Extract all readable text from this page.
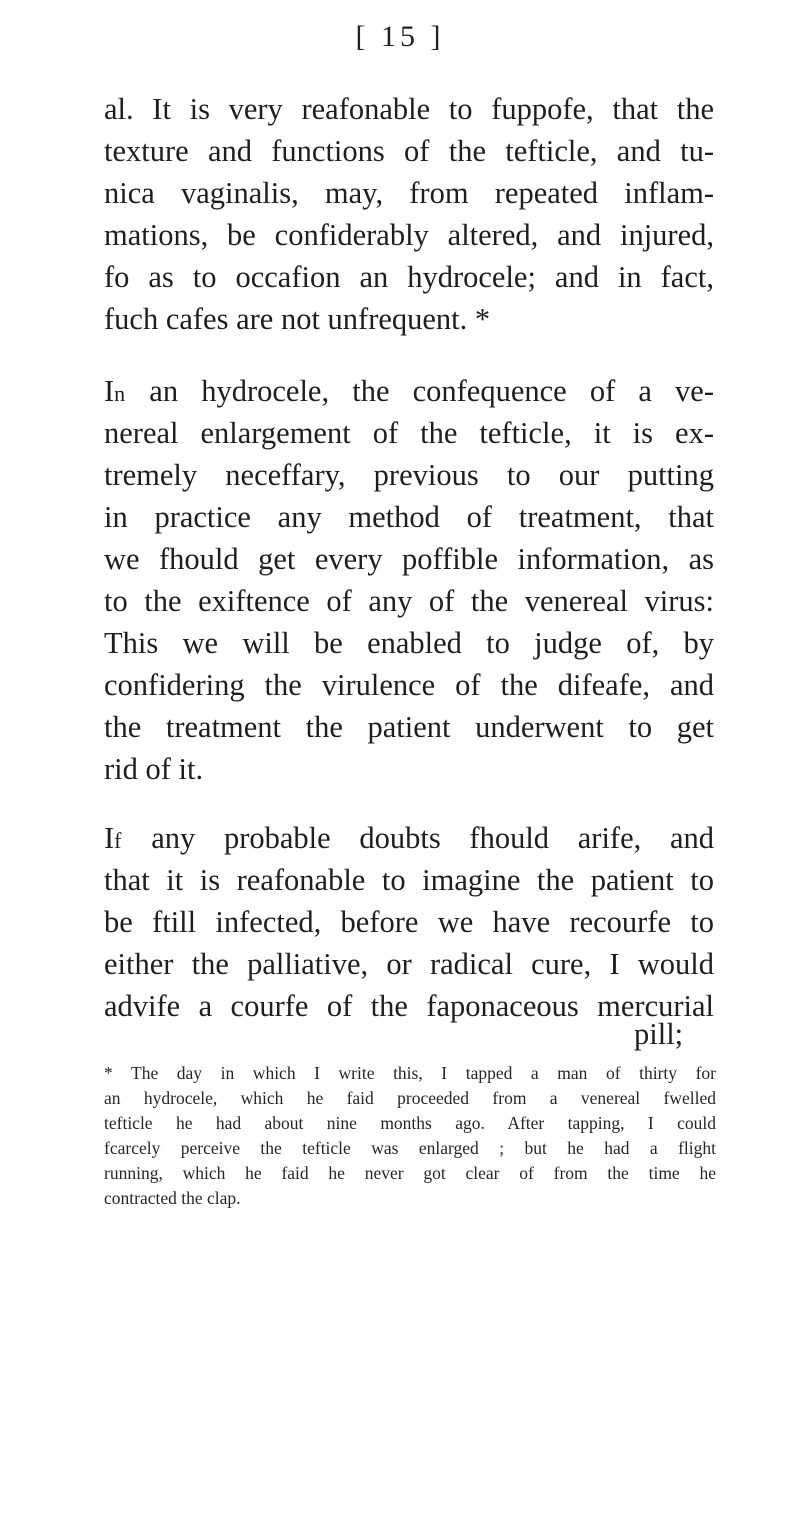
[ 15 ]
al. It is very reafonable to fuppofe, that the
texture and functions of the tefticle, and tu-
nica vaginalis, may, from repeated inflam-
mations, be confiderably altered, and injured,
fo as to occafion an hydrocele; and in fact,
fuch cafes are not unfrequent. *
In an hydrocele, the confequence of a ve-
nereal enlargement of the tefticle, it is ex-
tremely neceffary, previous to our putting
in practice any method of treatment, that
we fhould get every poffible information, as
to the exiftence of any of the venereal virus:
This we will be enabled to judge of, by
confidering the virulence of the difeafe, and
the treatment the patient underwent to get
rid of it.
If any probable doubts fhould arife, and
that it is reafonable to imagine the patient to
be ftill infected, before we have recourfe to
either the palliative, or radical cure, I would
advife a courfe of the faponaceous mercurial
pill;
* The day in which I write this, I tapped a man of thirty for
an hydrocele, which he faid proceeded from a venereal fwelled
tefticle he had about nine months ago. After tapping, I could
fcarcely perceive the tefticle was enlarged ; but he had a flight
running, which he faid he never got clear of from the time he
contracted the clap.
